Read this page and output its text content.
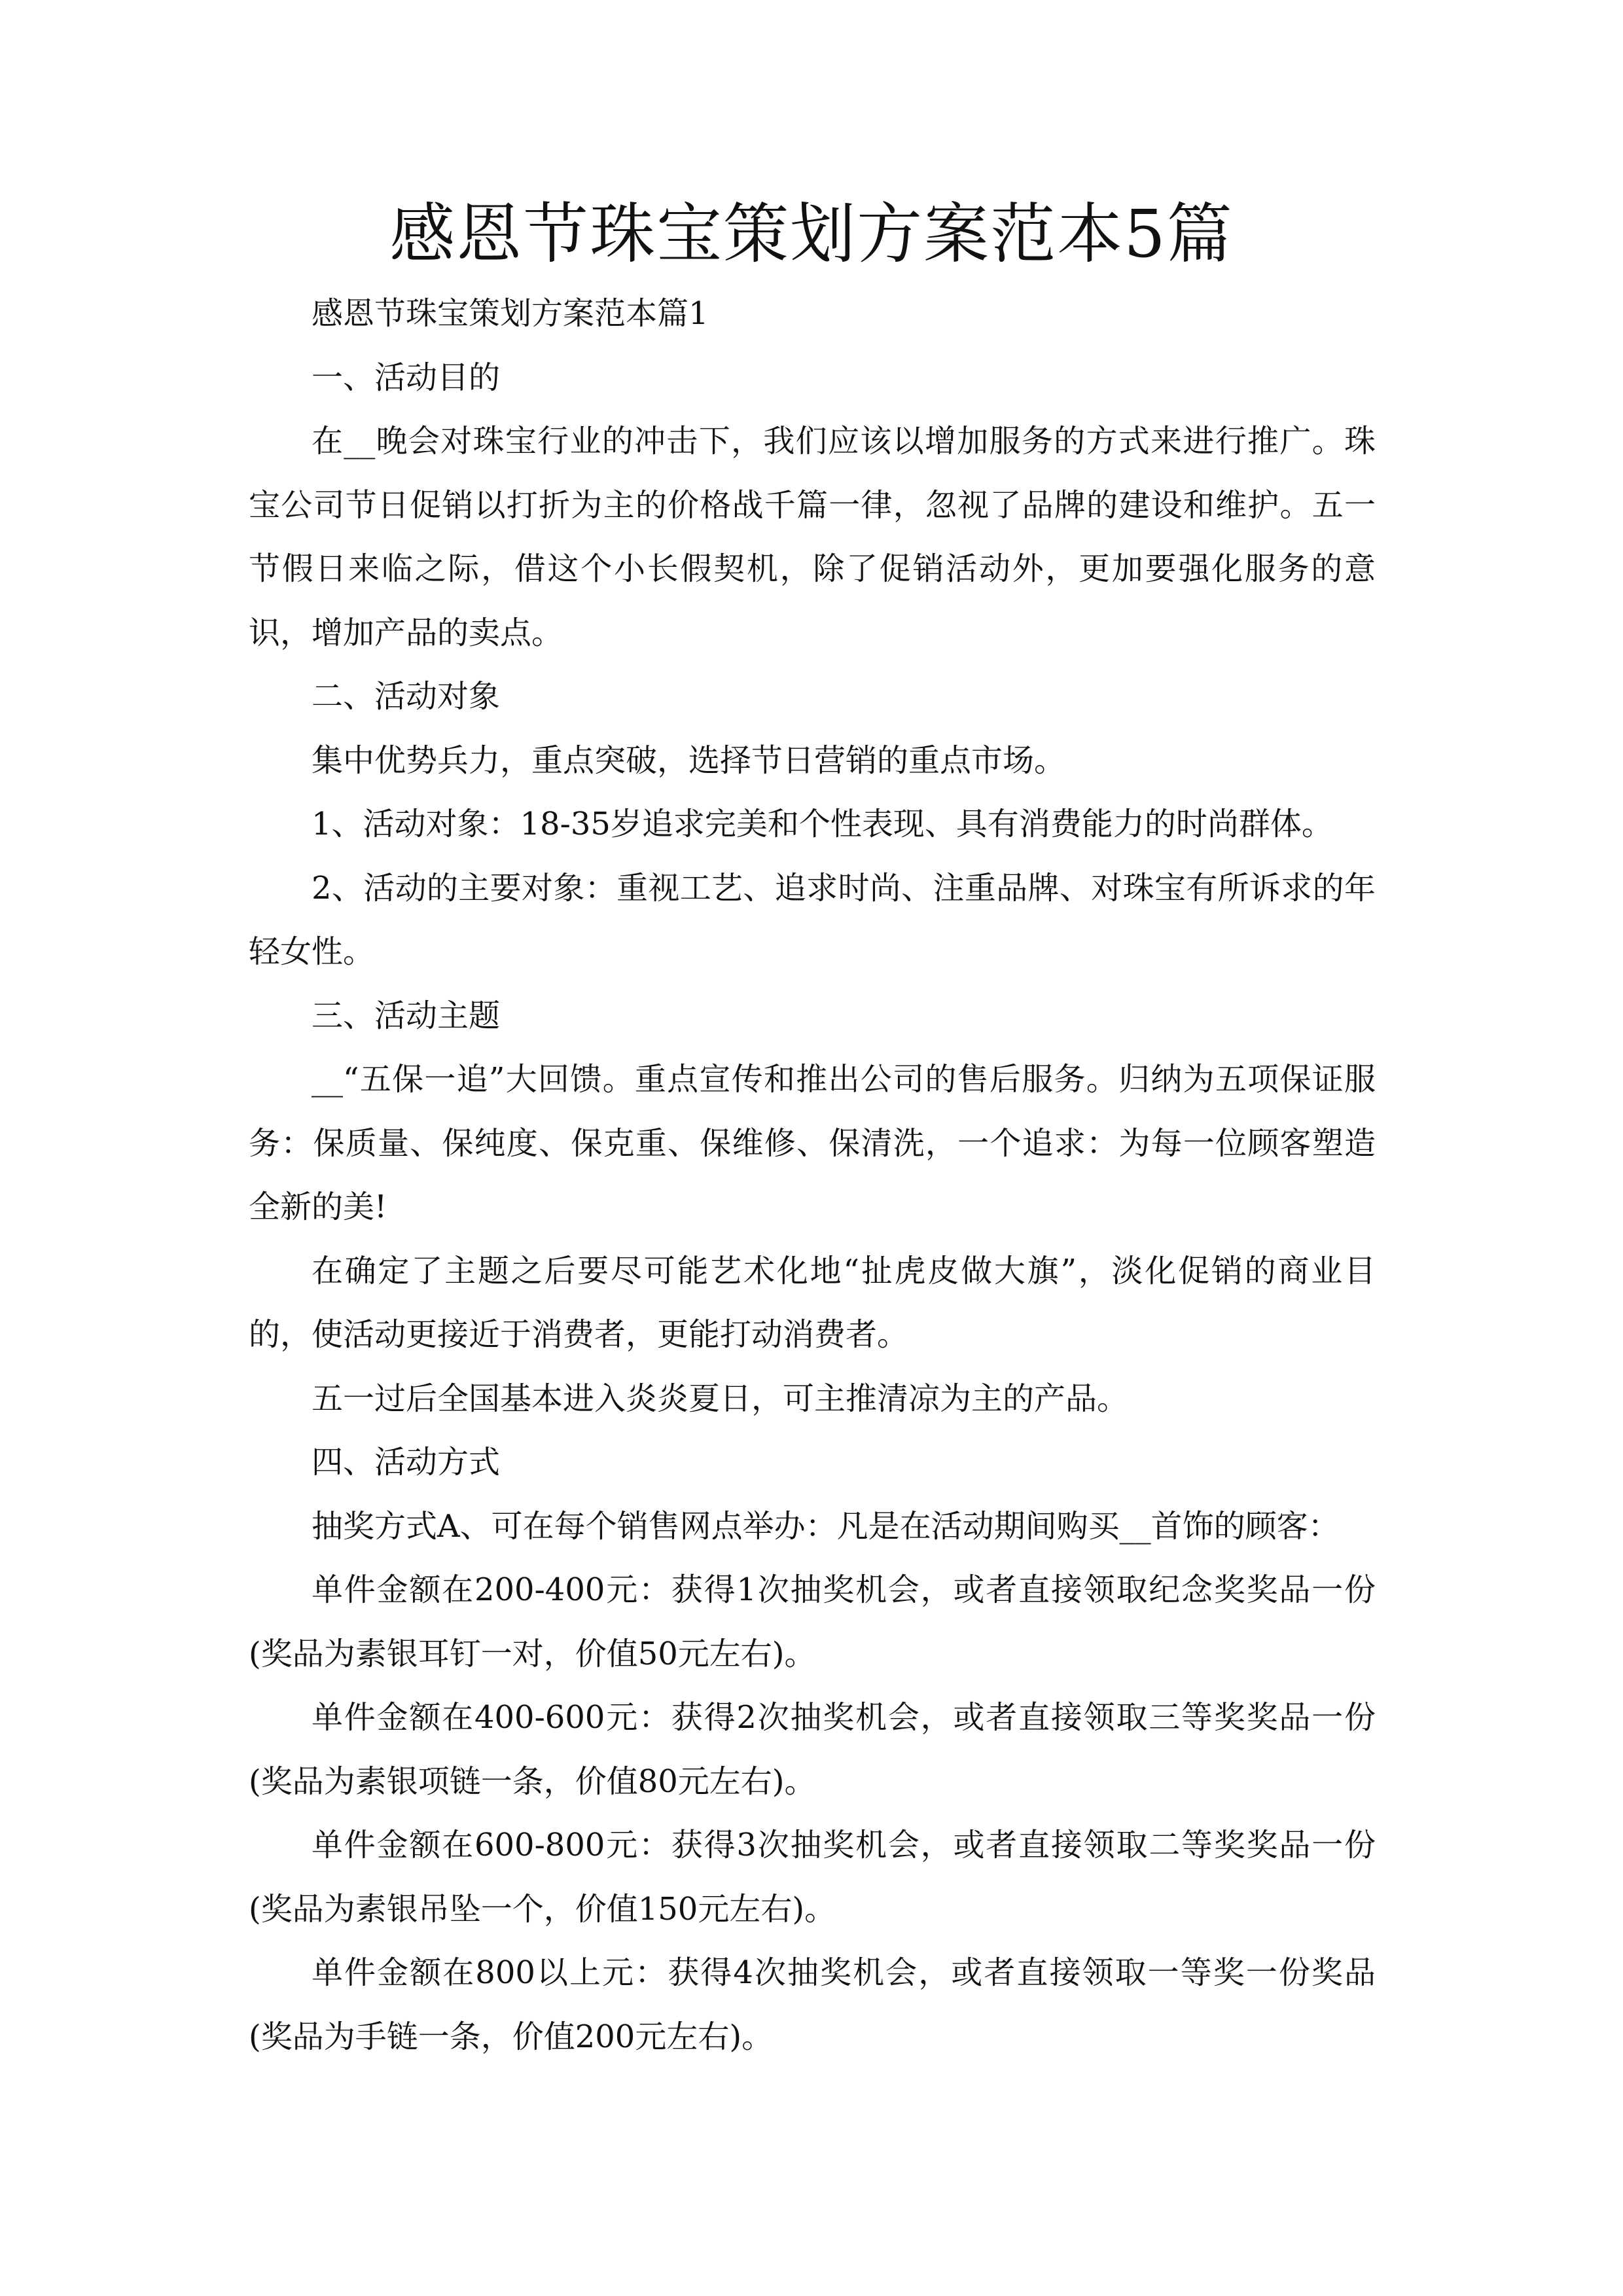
感恩节珠宝策划方案范本5篇

感恩节珠宝策划方案范本篇1

一、活动目的

在__晚会对珠宝行业的冲击下，我们应该以增加服务的方式来进行推广。珠宝公司节日促销以打折为主的价格战千篇一律，忽视了品牌的建设和维护。五一节假日来临之际，借这个小长假契机，除了促销活动外，更加要强化服务的意识，增加产品的卖点。

二、活动对象

集中优势兵力，重点突破，选择节日营销的重点市场。

1、活动对象：18-35岁追求完美和个性表现、具有消费能力的时尚群体。

2、活动的主要对象：重视工艺、追求时尚、注重品牌、对珠宝有所诉求的年轻女性。

三、活动主题

__“五保一追”大回馈。重点宣传和推出公司的售后服务。归纳为五项保证服务：保质量、保纯度、保克重、保维修、保清洗，一个追求：为每一位顾客塑造全新的美!

在确定了主题之后要尽可能艺术化地“扯虎皮做大旗”，淡化促销的商业目的，使活动更接近于消费者，更能打动消费者。

五一过后全国基本进入炎炎夏日，可主推清凉为主的产品。

四、活动方式

抽奖方式A、可在每个销售网点举办：凡是在活动期间购买__首饰的顾客：

单件金额在200-400元：获得1次抽奖机会，或者直接领取纪念奖奖品一份(奖品为素银耳钉一对，价值50元左右)。

单件金额在400-600元：获得2次抽奖机会，或者直接领取三等奖奖品一份(奖品为素银项链一条，价值80元左右)。

单件金额在600-800元：获得3次抽奖机会，或者直接领取二等奖奖品一份(奖品为素银吊坠一个，价值150元左右)。

单件金额在800以上元：获得4次抽奖机会，或者直接领取一等奖一份奖品(奖品为手链一条，价值200元左右)。
